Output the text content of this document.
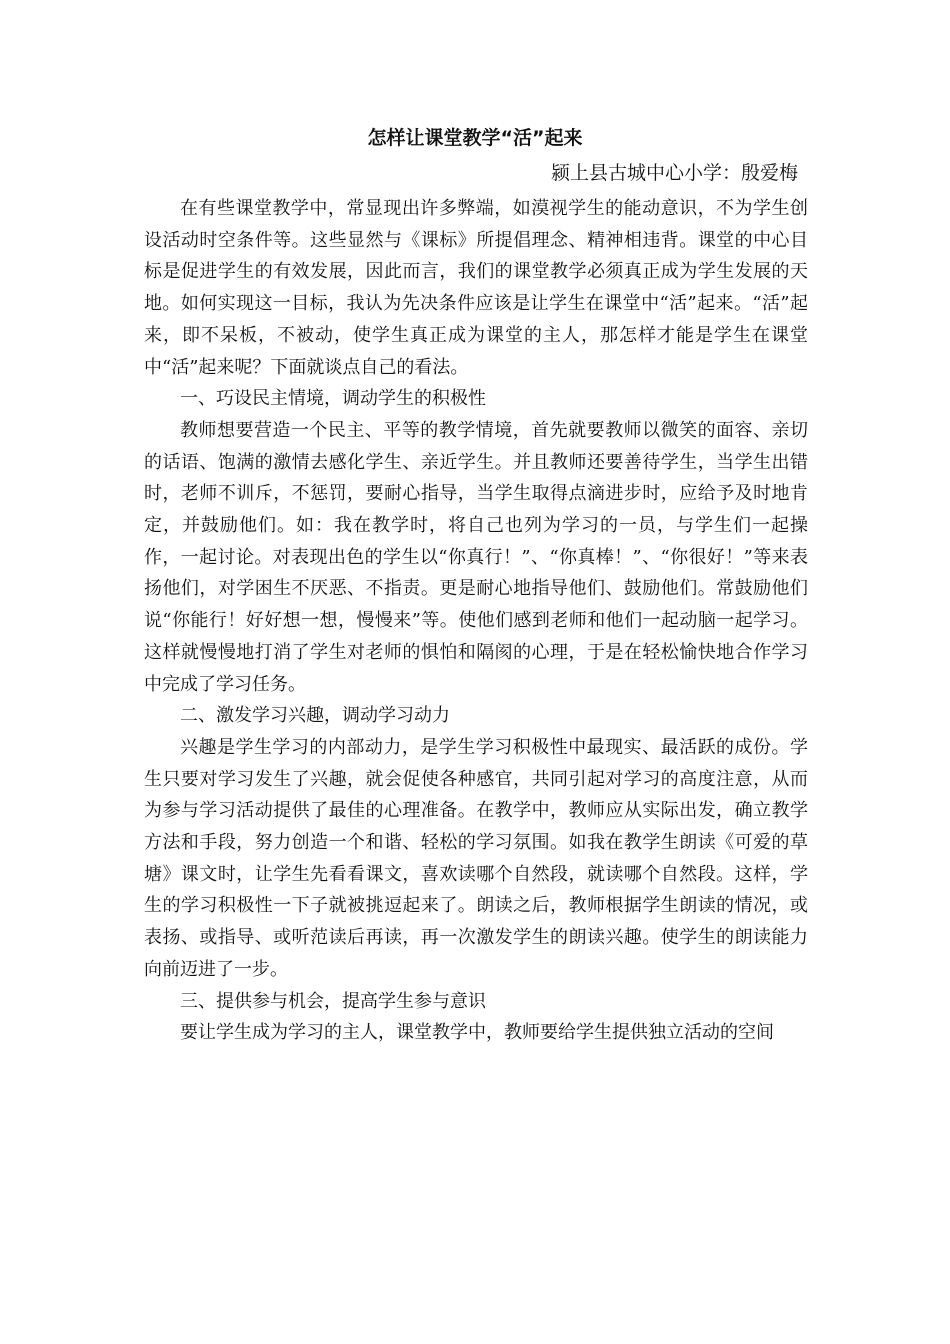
怎样让课堂教学“活”起来
颍上县古城中心小学：殷爱梅

在有些课堂教学中，常显现出许多弊端，如漠视学生的能动意识，不为学生创设活动时空条件等。这些显然与《课标》所提倡理念、精神相违背。课堂的中心目标是促进学生的有效发展，因此而言，我们的课堂教学必须真正成为学生发展的天地。如何实现这一目标，我认为先决条件应该是让学生在课堂中“活”起来。“活”起来，即不呆板，不被动，使学生真正成为课堂的主人，那怎样才能是学生在课堂中“活”起来呢？下面就谈点自己的看法。

一、巧设民主情境，调动学生的积极性

教师想要营造一个民主、平等的教学情境，首先就要教师以微笑的面容、亲切的话语、饱满的激情去感化学生、亲近学生。并且教师还要善待学生，当学生出错时，老师不训斥，不惩罚，要耐心指导，当学生取得点滴进步时，应给予及时地肯定，并鼓励他们。如：我在教学时，将自己也列为学习的一员，与学生们一起操作，一起讨论。对表现出色的学生以“你真行！”、“你真棒！”、“你很好！”等来表扬他们，对学困生不厌恶、不指责。更是耐心地指导他们、鼓励他们。常鼓励他们说“你能行！好好想一想，慢慢来”等。使他们感到老师和他们一起动脑一起学习。这样就慢慢地打消了学生对老师的惧怕和隔阂的心理，于是在轻松愉快地合作学习中完成了学习任务。

二、激发学习兴趣，调动学习动力

兴趣是学生学习的内部动力，是学生学习积极性中最现实、最活跃的成份。学生只要对学习发生了兴趣，就会促使各种感官，共同引起对学习的高度注意，从而为参与学习活动提供了最佳的心理准备。在教学中，教师应从实际出发，确立教学方法和手段，努力创造一个和谐、轻松的学习氛围。如我在教学生朗读《可爱的草塘》课文时，让学生先看看课文，喜欢读哪个自然段，就读哪个自然段。这样，学生的学习积极性一下子就被挑逗起来了。朗读之后，教师根据学生朗读的情况，或表扬、或指导、或听范读后再读，再一次激发学生的朗读兴趣。使学生的朗读能力向前迈进了一步。

三、提供参与机会，提高学生参与意识

要让学生成为学习的主人，课堂教学中，教师要给学生提供独立活动的空间
